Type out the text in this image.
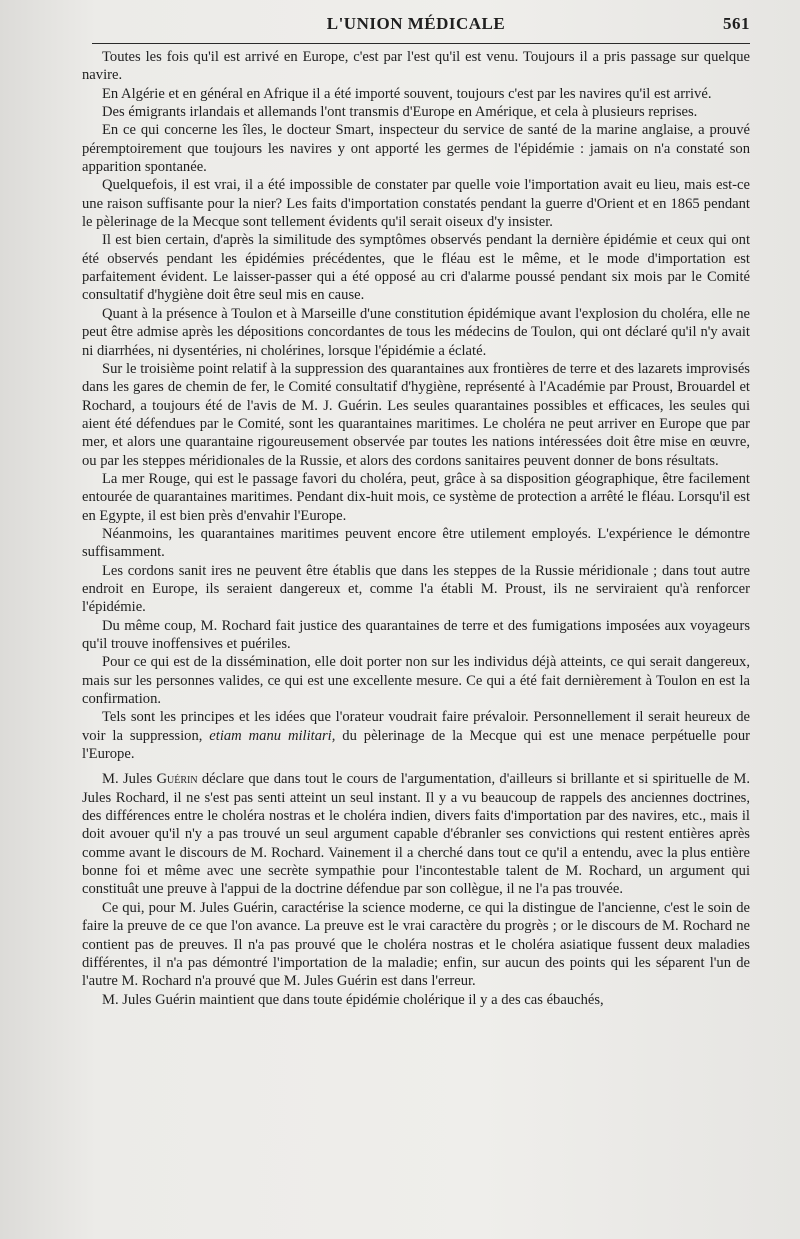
L'UNION MÉDICALE	561

Toutes les fois qu'il est arrivé en Europe, c'est par l'est qu'il est venu. Toujours il a pris passage sur quelque navire.

En Algérie et en général en Afrique il a été importé souvent, toujours c'est par les navires qu'il est arrivé.

Des émigrants irlandais et allemands l'ont transmis d'Europe en Amérique, et cela à plusieurs reprises.

En ce qui concerne les îles, le docteur Smart, inspecteur du service de santé de la marine anglaise, a prouvé péremptoirement que toujours les navires y ont apporté les germes de l'épidémie : jamais on n'a constaté son apparition spontanée.

Quelquefois, il est vrai, il a été impossible de constater par quelle voie l'importation avait eu lieu, mais est-ce une raison suffisante pour la nier? Les faits d'importation constatés pendant la guerre d'Orient et en 1865 pendant le pèlerinage de la Mecque sont tellement évidents qu'il serait oiseux d'y insister.

Il est bien certain, d'après la similitude des symptômes observés pendant la dernière épidémie et ceux qui ont été observés pendant les épidémies précédentes, que le fléau est le même, et le mode d'importation est parfaitement évident. Le laisser-passer qui a été opposé au cri d'alarme poussé pendant six mois par le Comité consultatif d'hygiène doit être seul mis en cause.

Quant à la présence à Toulon et à Marseille d'une constitution épidémique avant l'explosion du choléra, elle ne peut être admise après les dépositions concordantes de tous les médecins de Toulon, qui ont déclaré qu'il n'y avait ni diarrhées, ni dysentéries, ni cholérines, lorsque l'épidémie a éclaté.

Sur le troisième point relatif à la suppression des quarantaines aux frontières de terre et des lazarets improvisés dans les gares de chemin de fer, le Comité consultatif d'hygiène, représenté à l'Académie par Proust, Brouardel et Rochard, a toujours été de l'avis de M. J. Guérin. Les seules quarantaines possibles et efficaces, les seules qui aient été défendues par le Comité, sont les quarantaines maritimes. Le choléra ne peut arriver en Europe que par mer, et alors une quarantaine rigoureusement observée par toutes les nations intéressées doit être mise en œuvre, ou par les steppes méridionales de la Russie, et alors des cordons sanitaires peuvent donner de bons résultats.

La mer Rouge, qui est le passage favori du choléra, peut, grâce à sa disposition géographique, être facilement entourée de quarantaines maritimes. Pendant dix-huit mois, ce système de protection a arrêté le fléau. Lorsqu'il est en Egypte, il est bien près d'envahir l'Europe.

Néanmoins, les quarantaines maritimes peuvent encore être utilement employés. L'expérience le démontre suffisamment.

Les cordons sanit ires ne peuvent être établis que dans les steppes de la Russie méridionale ; dans tout autre endroit en Europe, ils seraient dangereux et, comme l'a établi M. Proust, ils ne serviraient qu'à renforcer l'épidémie.

Du même coup, M. Rochard fait justice des quarantaines de terre et des fumigations imposées aux voyageurs qu'il trouve inoffensives et puériles.

Pour ce qui est de la dissémination, elle doit porter non sur les individus déjà atteints, ce qui serait dangereux, mais sur les personnes valides, ce qui est une excellente mesure. Ce qui a été fait dernièrement à Toulon en est la confirmation.

Tels sont les principes et les idées que l'orateur voudrait faire prévaloir. Personnellement il serait heureux de voir la suppression, etiam manu militari, du pèlerinage de la Mecque qui est une menace perpétuelle pour l'Europe.

M. Jules Guérin déclare que dans tout le cours de l'argumentation, d'ailleurs si brillante et si spirituelle de M. Jules Rochard, il ne s'est pas senti atteint un seul instant. Il y a vu beaucoup de rappels des anciennes doctrines, des différences entre le choléra nostras et le choléra indien, divers faits d'importation par des navires, etc., mais il doit avouer qu'il n'y a pas trouvé un seul argument capable d'ébranler ses convictions qui restent entières après comme avant le discours de M. Rochard. Vainement il a cherché dans tout ce qu'il a entendu, avec la plus entière bonne foi et même avec une secrète sympathie pour l'incontestable talent de M. Rochard, un argument qui constituât une preuve à l'appui de la doctrine défendue par son collègue, il ne l'a pas trouvée.

Ce qui, pour M. Jules Guérin, caractérise la science moderne, ce qui la distingue de l'ancienne, c'est le soin de faire la preuve de ce que l'on avance. La preuve est le vrai caractère du progrès ; or le discours de M. Rochard ne contient pas de preuves. Il n'a pas prouvé que le choléra nostras et le choléra asiatique fussent deux maladies différentes, il n'a pas démontré l'importation de la maladie; enfin, sur aucun des points qui les séparent l'un de l'autre M. Rochard n'a prouvé que M. Jules Guérin est dans l'erreur.

M. Jules Guérin maintient que dans toute épidémie cholérique il y a des cas ébauchés,
